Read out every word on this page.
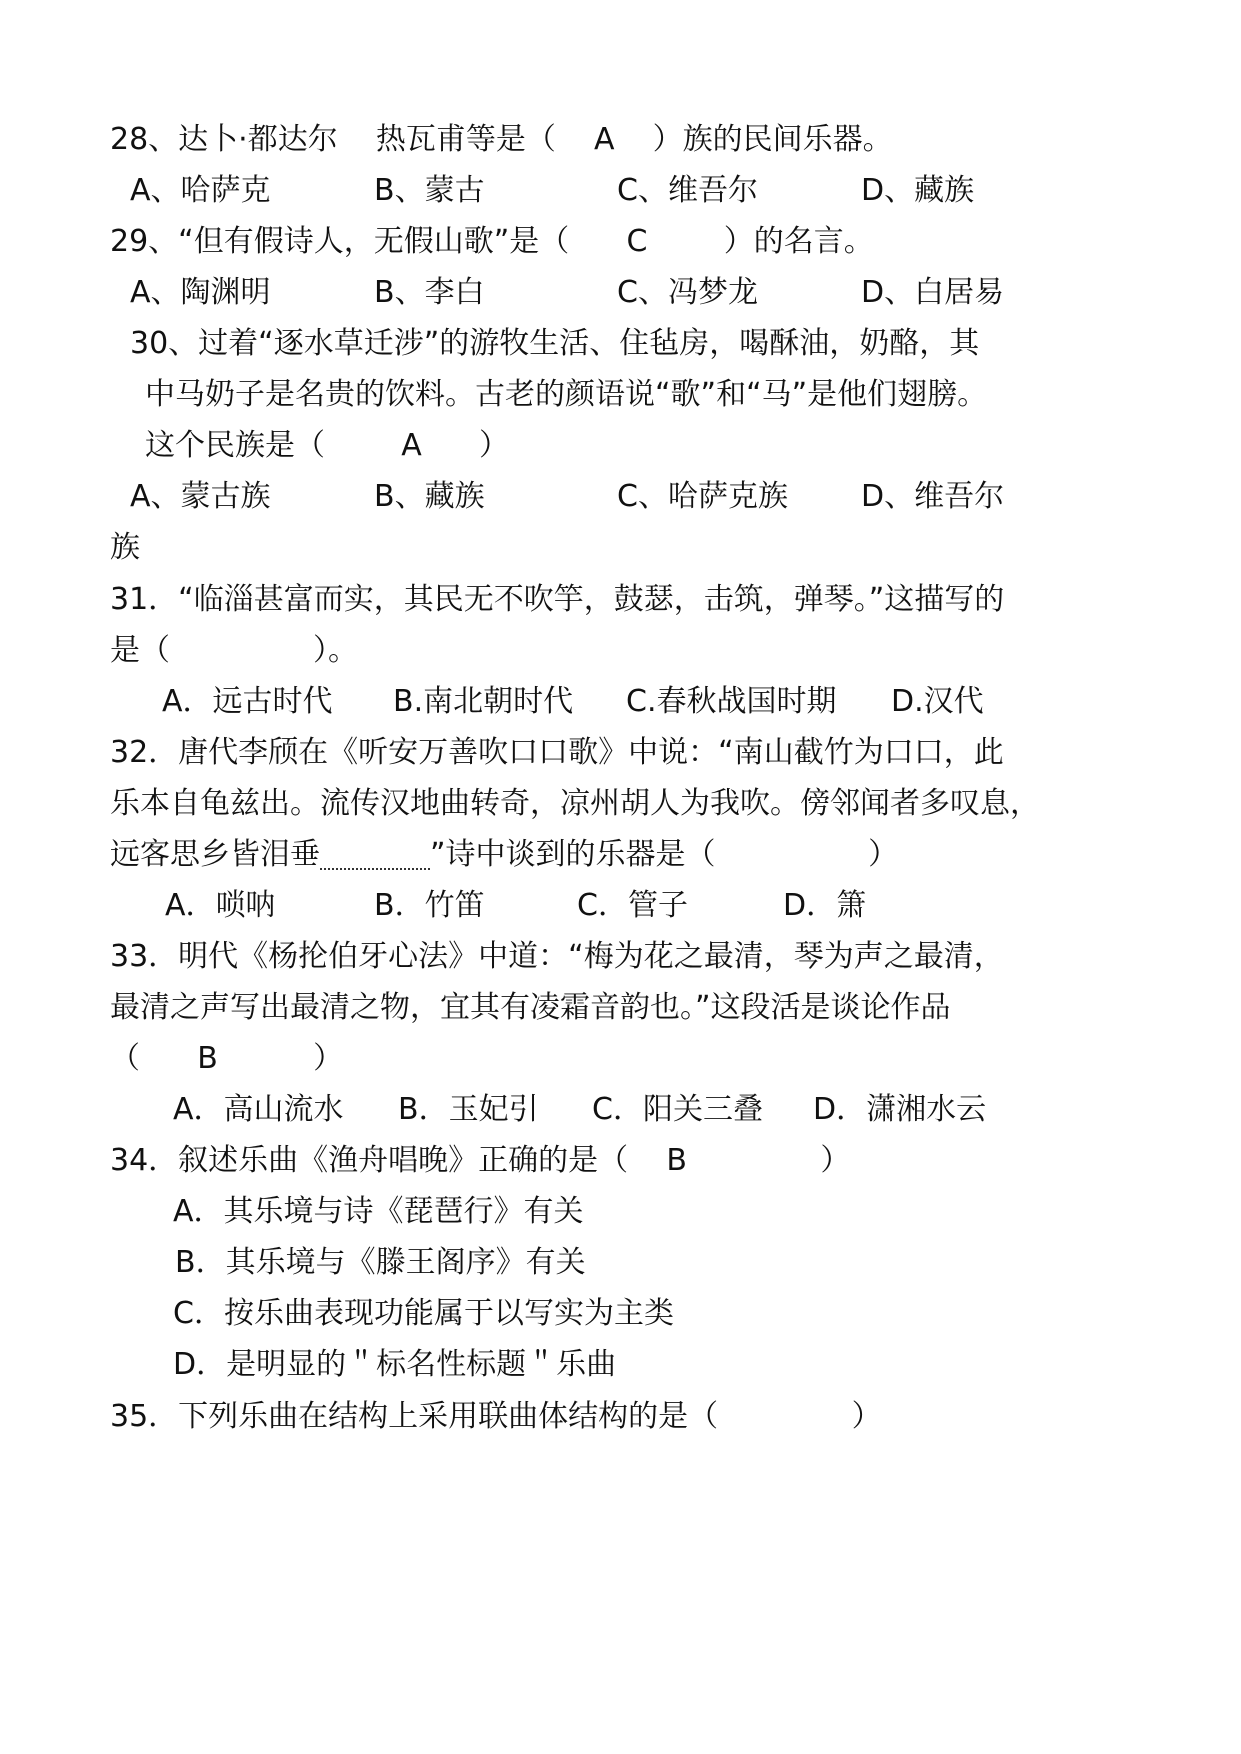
28、达卜·都达尔    热瓦甫等是（    A    ）族的民间乐器。

A、哈萨克

	B、蒙古

	C、维吾尔

	D、藏族

29、“但有假诗人，无假山歌”是（      C        ）的名言。

A、陶渊明

	B、李白

	C、冯梦龙

	D、白居易

30、过着“逐水草迁涉”的游牧生活、住毡房，喝酥油，奶酪，其

中马奶子是名贵的饮料。古老的颜语说“歌”和“马”是他们翅膀。

这个民族是（        A      ）

A、蒙古族

	B、藏族

	C、哈萨克族

D、维吾尔

族

31．“临淄甚富而实，其民无不吹竽，鼓瑟，击筑，弹琴。”这描写的

是（               ）。

A．远古时代

B.南北朝时代

C.春秋战国时期

D.汉代

32．唐代李颀在《听安万善吹口口歌》中说：“南山截竹为口口，此

乐本自龟兹出。流传汉地曲转奇，凉州胡人为我吹。傍邻闻者多叹息，

远客思乡皆泪垂	”诗中谈到的乐器是（                ）

A．唢呐

	B．竹笛

	C．管子

	D．箫

33．明代《杨抡伯牙心法》中道：“梅为花之最清，琴为声之最清，

最清之声写出最清之物，宜其有凌霜音韵也。”这段活是谈论作品

（      B          ）

A．高山流水

B．玉妃引

C．阳关三叠

D．潇湘水云

34．叙述乐曲《渔舟唱晚》正确的是（    B              ）

A．其乐境与诗《琵琶行》有关

B．其乐境与《滕王阁序》有关

C．按乐曲表现功能属于以写实为主类

D．是明显的＂标名性标题＂乐曲

35．下列乐曲在结构上采用联曲体结构的是（              ）
